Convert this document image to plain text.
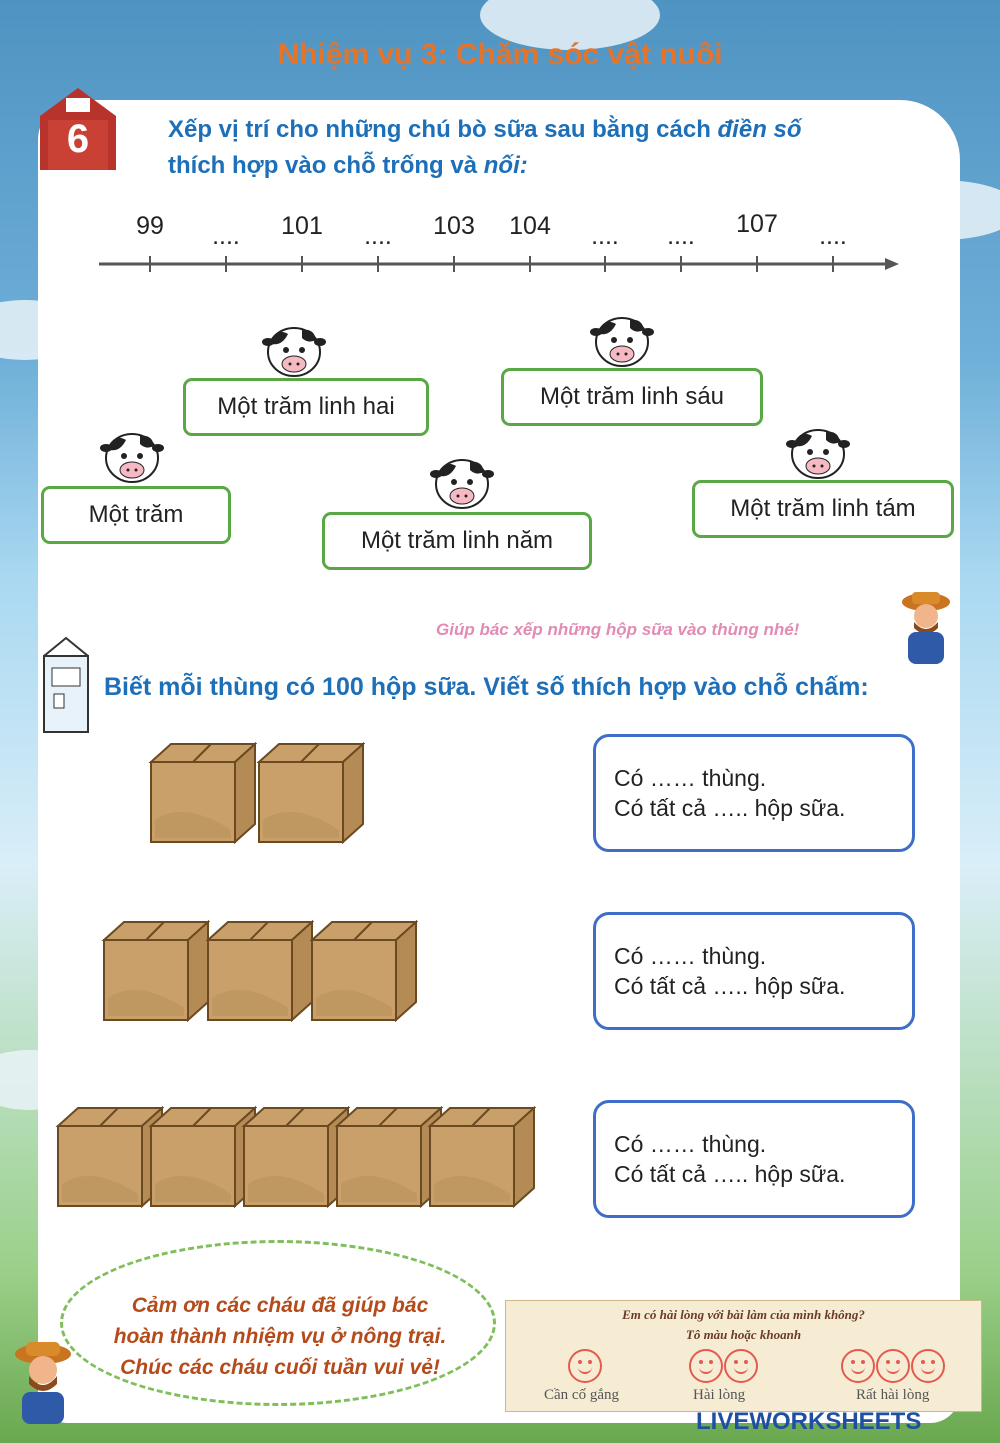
Nhiệm vụ 3: Chăm sóc vật nuôi
6	Xếp vị trí cho những chú bò sữa sau bằng cách điền số
thích hợp vào chỗ trống và nối:
99	....	101	....	103	104	....	....	107	....
Một trăm linh hai	Một trăm linh sáu
Một trăm
Một trăm linh năm
Một trăm linh tám
Giúp bác xếp những hộp sữa vào thùng nhé!
Biết mỗi thùng có 100 hộp sữa. Viết số thích hợp vào chỗ chấm:
Có …… thùng.
Có tất cả ….. hộp sữa.
Có …… thùng.
Có tất cả ….. hộp sữa.
Có …… thùng.
Có tất cả ….. hộp sữa.
Cảm ơn các cháu đã giúp bác
hoàn thành nhiệm vụ ở nông trại.
Chúc các cháu cuối tuần vui vẻ!
Em có hài lòng với bài làm của mình không?
Tô màu hoặc khoanh
Cần cố gắng	Hài lòng	Rất hài lòng
LIVEWORKSHEETS
